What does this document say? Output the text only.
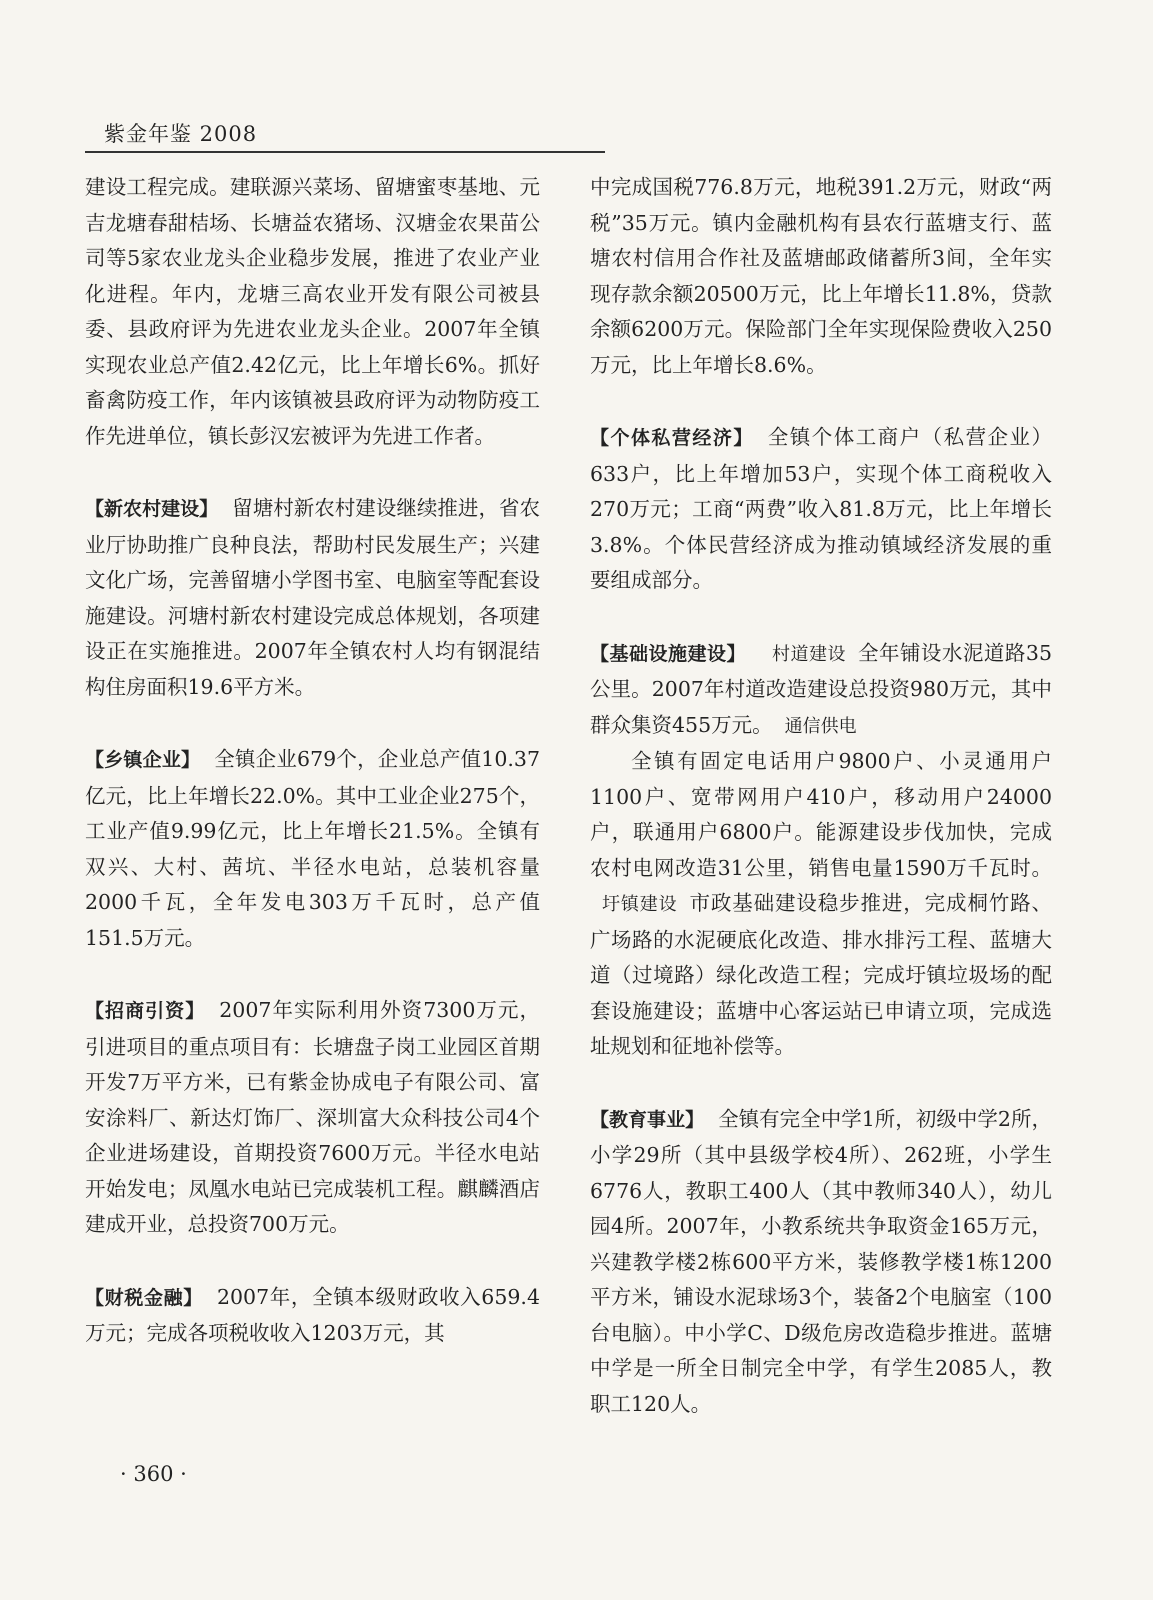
紫金年鉴 2008

建设工程完成。建联源兴菜场、留塘蜜枣基地、元吉龙塘春甜桔场、长塘益农猪场、汉塘金农果苗公司等5家农业龙头企业稳步发展，推进了农业产业化进程。年内，龙塘三高农业开发有限公司被县委、县政府评为先进农业龙头企业。2007年全镇实现农业总产值2.42亿元，比上年增长6%。抓好畜禽防疫工作，年内该镇被县政府评为动物防疫工作先进单位，镇长彭汉宏被评为先进工作者。

【新农村建设】 留塘村新农村建设继续推进，省农业厅协助推广良种良法，帮助村民发展生产；兴建文化广场，完善留塘小学图书室、电脑室等配套设施建设。河塘村新农村建设完成总体规划，各项建设正在实施推进。2007年全镇农村人均有钢混结构住房面积19.6平方米。

【乡镇企业】 全镇企业679个，企业总产值10.37亿元，比上年增长22.0%。其中工业企业275个，工业产值9.99亿元，比上年增长21.5%。全镇有双兴、大村、茜坑、半径水电站，总装机容量2000千瓦，全年发电303万千瓦时，总产值151.5万元。

【招商引资】 2007年实际利用外资7300万元，引进项目的重点项目有：长塘盘子岗工业园区首期开发7万平方米，已有紫金协成电子有限公司、富安涂料厂、新达灯饰厂、深圳富大众科技公司4个企业进场建设，首期投资7600万元。半径水电站开始发电；凤凰水电站已完成装机工程。麒麟酒店建成开业，总投资700万元。

【财税金融】 2007年，全镇本级财政收入659.4万元；完成各项税收收入1203万元，其

中完成国税776.8万元，地税391.2万元，财政“两税”35万元。镇内金融机构有县农行蓝塘支行、蓝塘农村信用合作社及蓝塘邮政储蓄所3间，全年实现存款余额20500万元，比上年增长11.8%，贷款余额6200万元。保险部门全年实现保险费收入250万元，比上年增长8.6%。

【个体私营经济】 全镇个体工商户（私营企业）633户，比上年增加53户，实现个体工商税收入270万元；工商“两费”收入81.8万元，比上年增长3.8%。个体民营经济成为推动镇域经济发展的重要组成部分。

【基础设施建设】 村道建设 全年铺设水泥道路35公里。2007年村道改造建设总投资980万元，其中群众集资455万元。 通信供电

全镇有固定电话用户9800户、小灵通用户1100户、宽带网用户410户，移动用户24000户，联通用户6800户。能源建设步伐加快，完成农村电网改造31公里，销售电量1590万千瓦时。圩镇建设 市政基础建设稳步推进，完成桐竹路、广场路的水泥硬底化改造、排水排污工程、蓝塘大道（过境路）绿化改造工程；完成圩镇垃圾场的配套设施建设；蓝塘中心客运站已申请立项，完成选址规划和征地补偿等。

【教育事业】 全镇有完全中学1所，初级中学2所，小学29所（其中县级学校4所）、262班，小学生6776人，教职工400人（其中教师340人），幼儿园4所。2007年，小教系统共争取资金165万元，兴建教学楼2栋600平方米，装修教学楼1栋1200平方米，铺设水泥球场3个，装备2个电脑室（100台电脑）。中小学C、D级危房改造稳步推进。蓝塘中学是一所全日制完全中学，有学生2085人，教职工120人。

· 360 ·
